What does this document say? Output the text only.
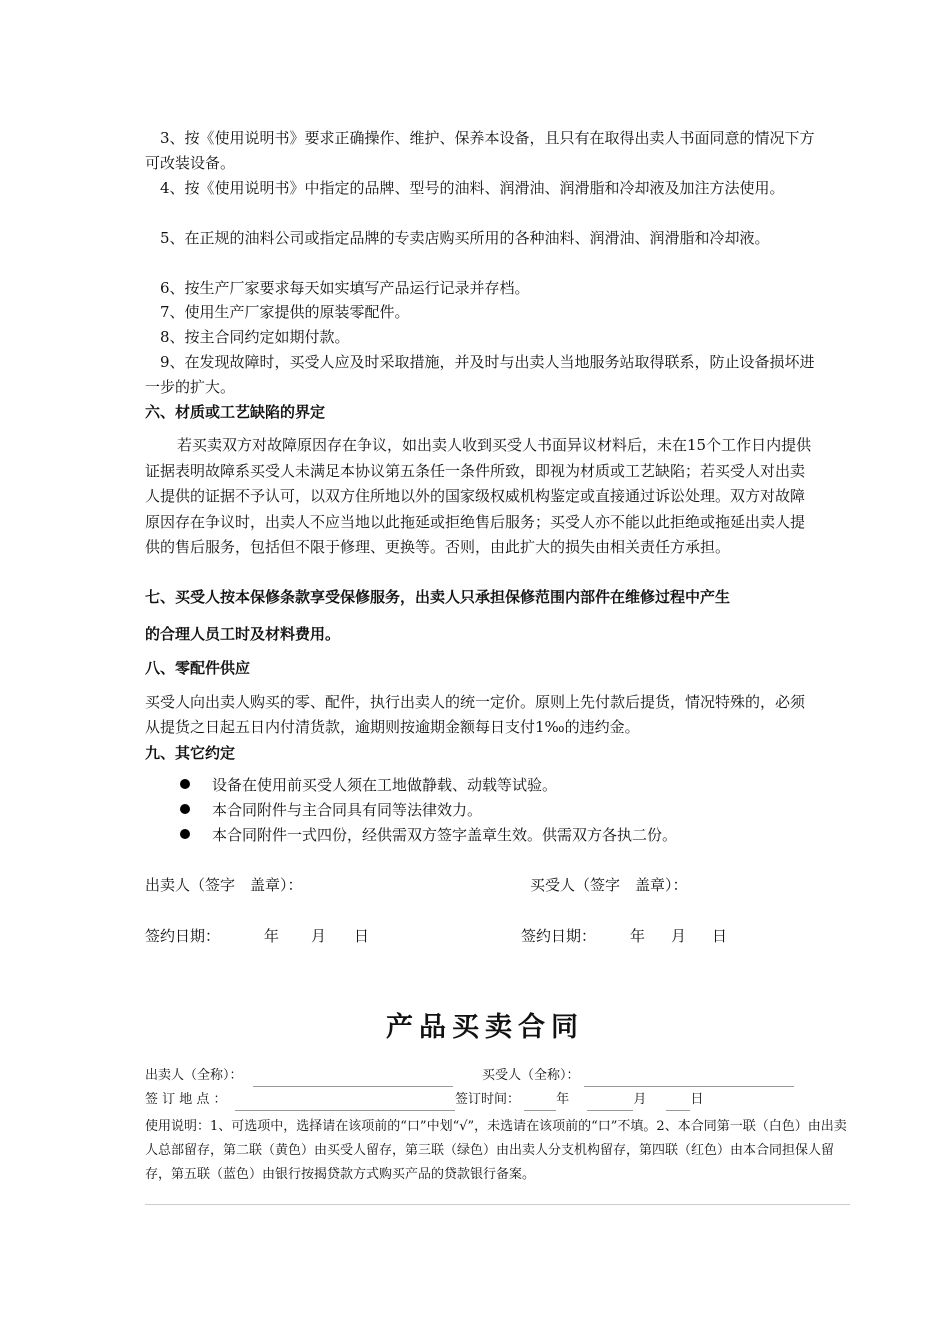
3、按《使用说明书》要求正确操作、维护、保养本设备，且只有在取得出卖人书面同意的情况下方可改装设备。

4、按《使用说明书》中指定的品牌、型号的油料、润滑油、润滑脂和冷却液及加注方法使用。

5、在正规的油料公司或指定品牌的专卖店购买所用的各种油料、润滑油、润滑脂和冷却液。

6、按生产厂家要求每天如实填写产品运行记录并存档。

7、使用生产厂家提供的原装零配件。

8、按主合同约定如期付款。

9、在发现故障时，买受人应及时采取措施，并及时与出卖人当地服务站取得联系，防止设备损坏进一步的扩大。

六、材质或工艺缺陷的界定

若买卖双方对故障原因存在争议，如出卖人收到买受人书面异议材料后，未在15个工作日内提供证据表明故障系买受人未满足本协议第五条任一条件所致，即视为材质或工艺缺陷；若买受人对出卖人提供的证据不予认可，以双方住所地以外的国家级权威机构鉴定或直接通过诉讼处理。双方对故障原因存在争议时，出卖人不应当地以此拖延或拒绝售后服务；买受人亦不能以此拒绝或拖延出卖人提供的售后服务，包括但不限于修理、更换等。否则，由此扩大的损失由相关责任方承担。

七、买受人按本保修条款享受保修服务，出卖人只承担保修范围内部件在维修过程中产生

的合理人员工时及材料费用。

八、零配件供应

买受人向出卖人购买的零、配件，执行出卖人的统一定价。原则上先付款后提货，情况特殊的，必须从提货之日起五日内付清货款，逾期则按逾期金额每日支付1‰的违约金。

九、其它约定

设备在使用前买受人须在工地做静载、动载等试验。
本合同附件与主合同具有同等法律效力。
本合同附件一式四份，经供需双方签字盖章生效。供需双方各执二份。
出卖人（签字　盖章）：	买受人（签字　盖章）：
签约日期：	年 月 日	签约日期： 年 月 日
产品买卖合同
出卖人（全称）：	买受人（全称）：
签 订 地 点 ：	签订时间：	年	月	日
使用说明：1、可选项中，选择请在该项前的“口”中划“√”，未选请在该项前的“口”不填。2、本合同第一联（白色）由出卖人总部留存，第二联（黄色）由买受人留存，第三联（绿色）由出卖人分支机构留存，第四联（红色）由本合同担保人留存，第五联（蓝色）由银行按揭贷款方式购买产品的贷款银行备案。
